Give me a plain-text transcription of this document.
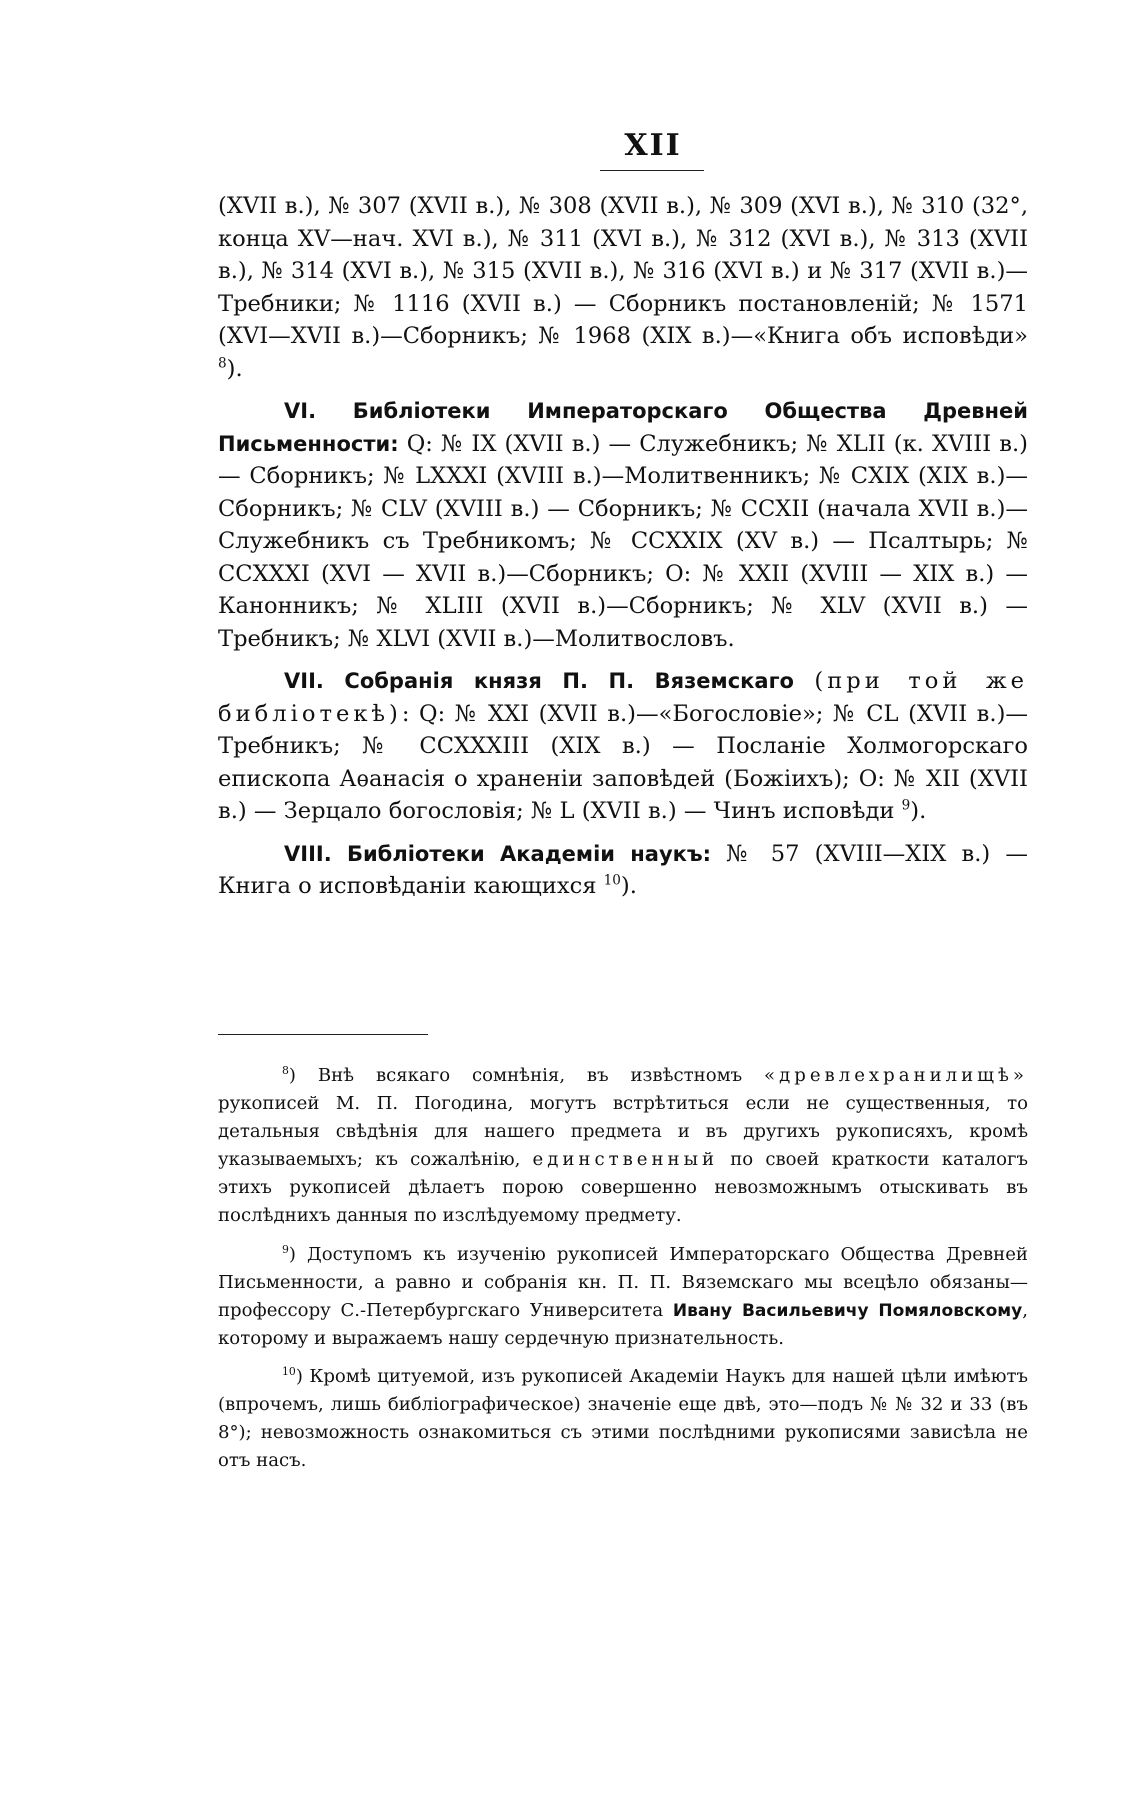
XII

(XVII в.), № 307 (XVII в.), № 308 (XVII в.), № 309 (XVI в.), № 310 (32°, конца XV—нач. XVI в.), № 311 (XVI в.), № 312 (XVI в.), № 313 (XVII в.), № 314 (XVI в.), № 315 (XVII в.), № 316 (XVI в.) и № 317 (XVII в.)—Требники; № 1116 (XVII в.) — Сборникъ постановленій; № 1571 (XVI—XVII в.)—Сборникъ; № 1968 (XIX в.)—«Книга объ исповѣди» $^8$).

VI. Библіотеки Императорскаго Общества Древней Письменности: Q: № IX (XVII в.) — Служебникъ; № XLII (к. XVIII в.) — Сборникъ; № LXXXI (XVIII в.)—Молитвенникъ; № CXIX (XIX в.)— Сборникъ; № CLV (XVIII в.) — Сборникъ; № CCXII (начала XVII в.)—Служебникъ съ Требникомъ; № CCXXIX (XV в.) — Псалтырь; № CCXXXI (XVI — XVII в.)—Сборникъ; O: № XXII (XVIII — XIX в.) — Канонникъ; № XLIII (XVII в.)—Сборникъ; № XLV (XVII в.) — Требникъ; № XLVI (XVII в.)—Молитвословъ.

VII. Собранія князя П. П. Вяземскаго (при той же библіотекѣ): Q: № XXI (XVII в.)—«Богословіе»; № CL (XVII в.)— Требникъ; № CCXXXIII (XIX в.) — Посланіе Холмогорскаго епископа Аѳанасія о храненіи заповѣдей (Божіихъ); O: № XII (XVII в.) — Зерцало богословія; № L (XVII в.) — Чинъ исповѣди $^9$).

VIII. Библіотеки Академіи наукъ: № 57 (XVIII—XIX в.) — Книга о исповѣданіи кающихся $^{10}$).

$^8$) Внѣ всякаго сомнѣнія, въ извѣстномъ «древлехранилищѣ» рукописей М. П. Погодина, могутъ встрѣтиться если не существенныя, то детальныя свѣдѣнія для нашего предмета и въ другихъ рукописяхъ, кромѣ указываемыхъ; къ сожалѣнію, единственный по своей краткости каталогъ этихъ рукописей дѣлаетъ порою совершенно невозможнымъ отыскивать въ послѣднихъ данныя по изслѣдуемому предмету.

$^9$) Доступомъ къ изученію рукописей Императорскаго Общества Древней Письменности, а равно и собранія кн. П. П. Вяземскаго мы всецѣло обязаны—профессору С.-Петербургскаго Университета Ивану Васильевичу Помяловскому, которому и выражаемъ нашу сердечную признательность.

$^{10}$) Кромѣ цитуемой, изъ рукописей Академіи Наукъ для нашей цѣли имѣютъ (впрочемъ, лишь библіографическое) значеніе еще двѣ, это—подъ № № 32 и 33 (въ 8°); невозможность ознакомиться съ этими послѣдними рукописями зависѣла не отъ насъ.
